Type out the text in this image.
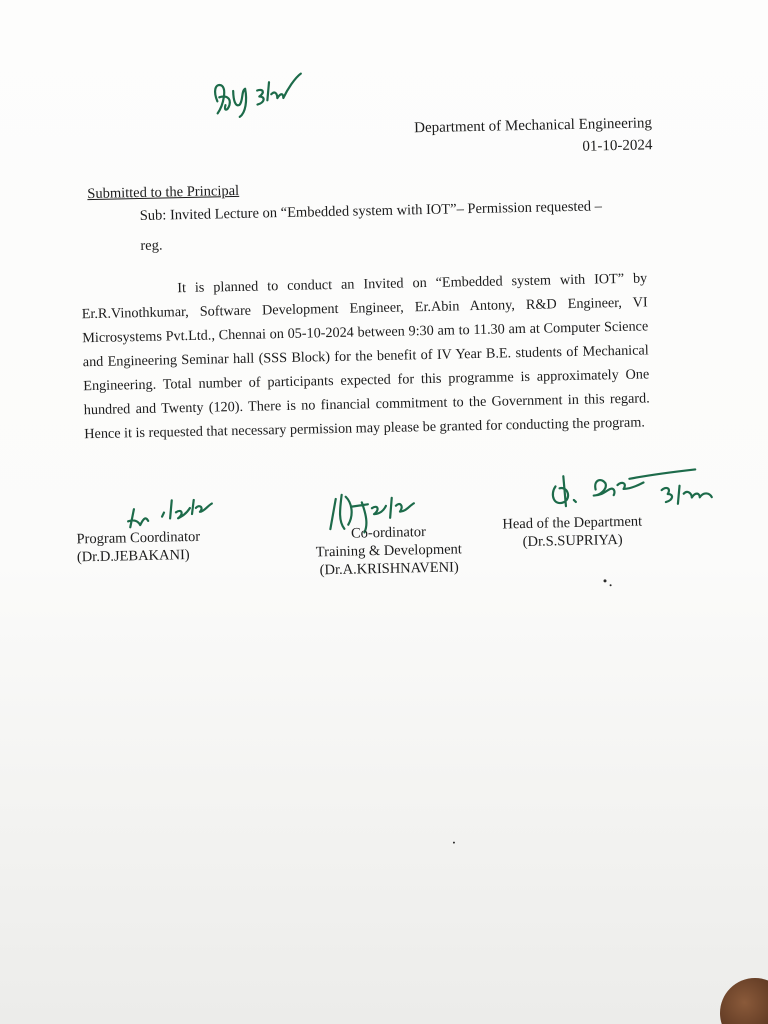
Department of Mechanical Engineering
01-10-2024
Submitted to the Principal
Sub: Invited Lecture on “Embedded system with IOT”– Permission requested –
reg.
It is planned to conduct an Invited on “Embedded system with IOT” by Er.R.Vinothkumar, Software Development Engineer, Er.Abin Antony, R&D Engineer, VI Microsystems Pvt.Ltd., Chennai on 05-10-2024 between 9:30 am to 11.30 am at Computer Science and Engineering Seminar hall (SSS Block) for the benefit of IV Year B.E. students of Mechanical Engineering. Total number of participants expected for this programme is approximately One hundred and Twenty (120). There is no financial commitment to the Government in this regard. Hence it is requested that necessary permission may please be granted for conducting the program.
Program Coordinator
(Dr.D.JEBAKANI)
Co-ordinator
Training & Development
(Dr.A.KRISHNAVENI)
Head of the Department
(Dr.S.SUPRIYA)
